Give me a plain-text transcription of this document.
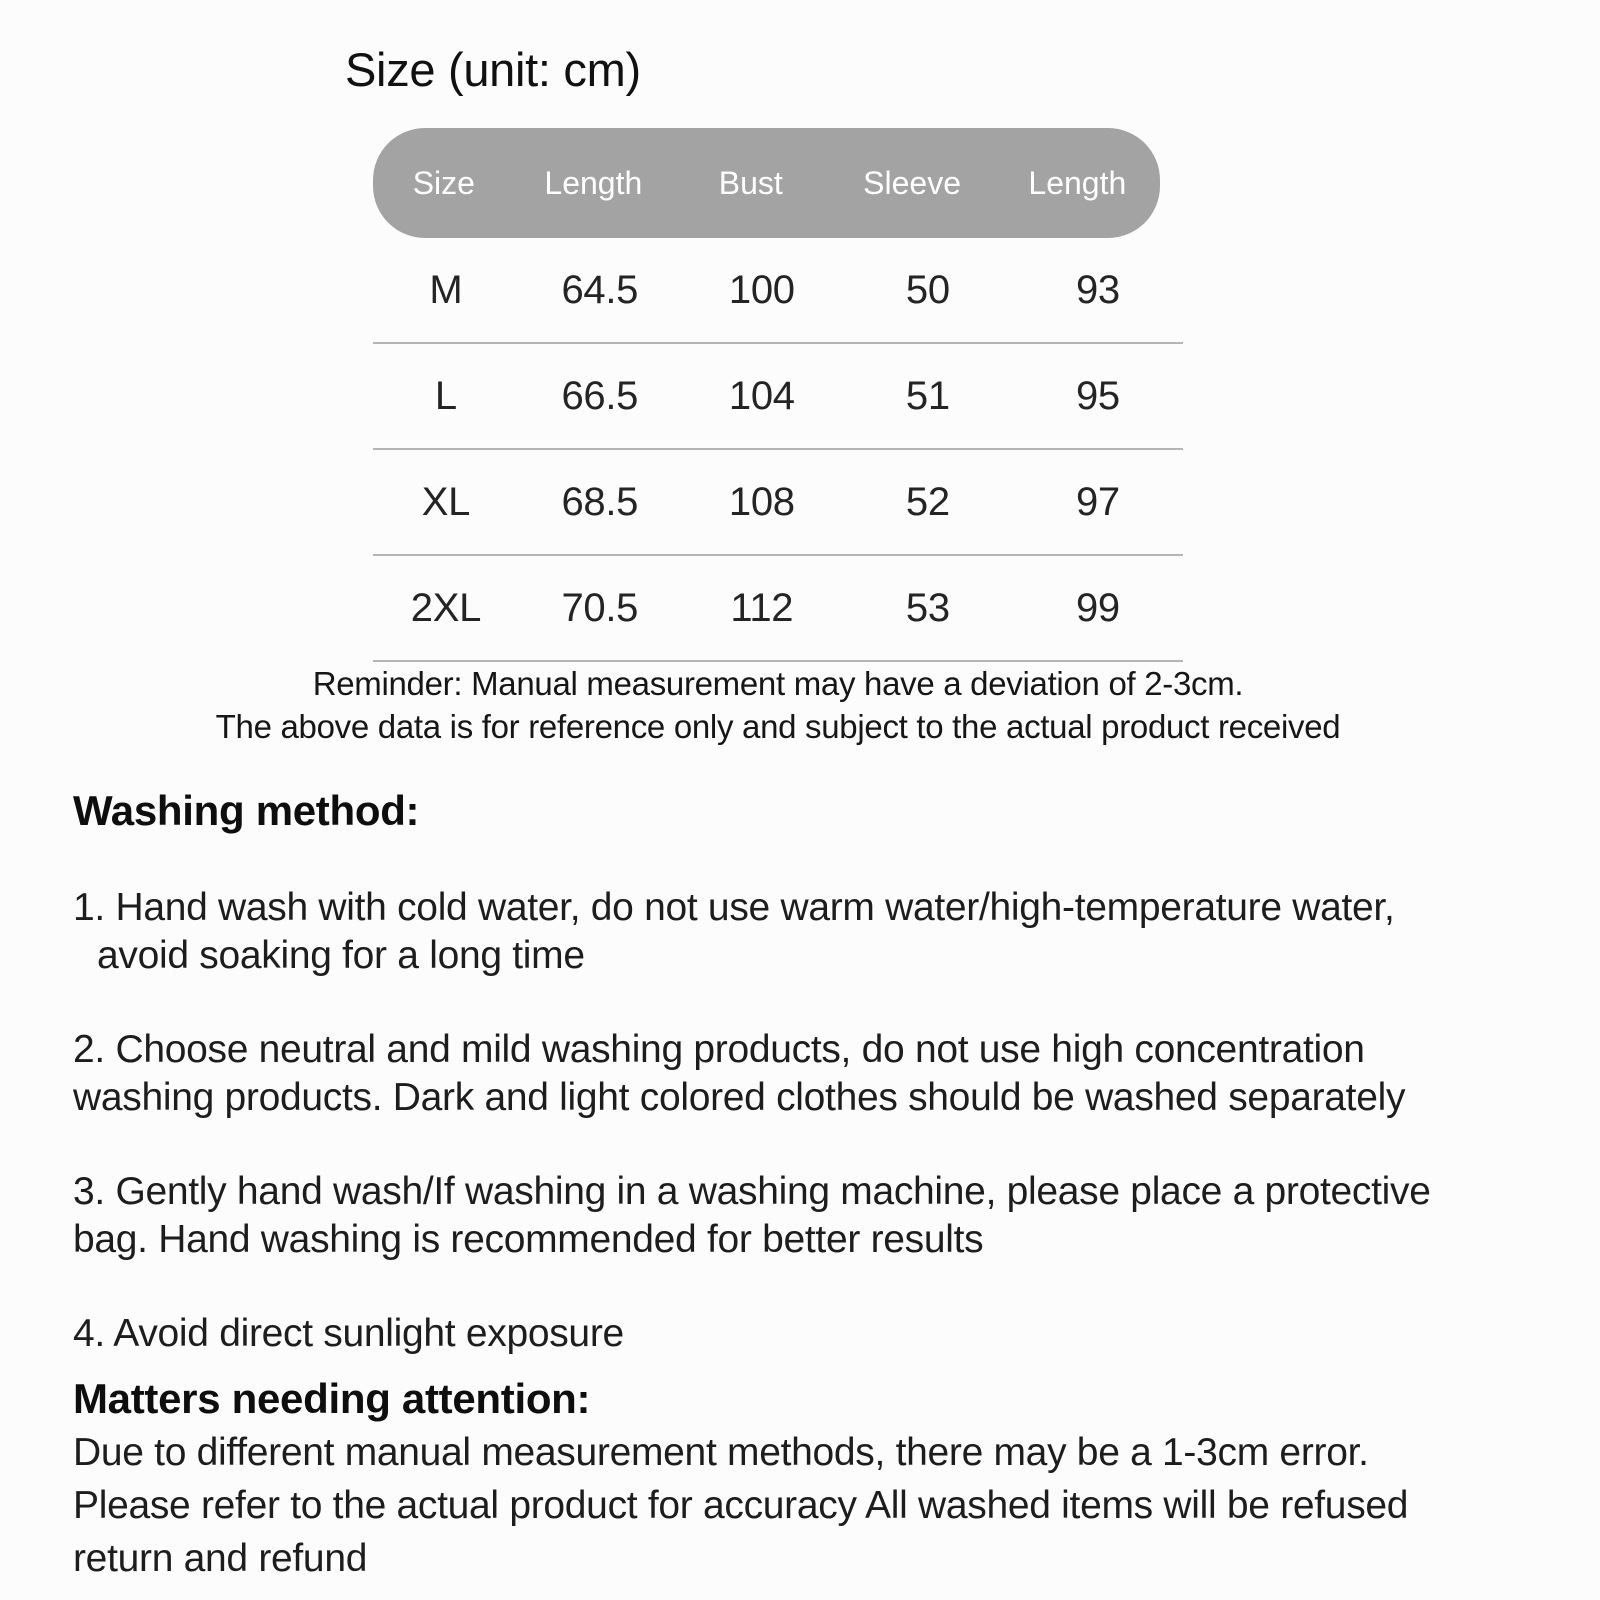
Size (unit: cm)
Size	Length	Bust	Sleeve	Length
M	64.5	100	50	93
L	66.5	104	51	95
XL	68.5	108	52	97
2XL	70.5	112	53	99
Reminder: Manual measurement may have a deviation of 2-3cm.
The above data is for reference only and subject to the actual product received
Washing method:
1. Hand wash with cold water, do not use warm water/high-temperature water,
avoid soaking for a long time
2. Choose neutral and mild washing products, do not use high concentration
washing products. Dark and light colored clothes should be washed separately
3. Gently hand wash/If washing in a washing machine, please place a protective
bag. Hand washing is recommended for better results
4. Avoid direct sunlight exposure
Matters needing attention:
Due to different manual measurement methods, there may be a 1-3cm error.
Please refer to the actual product for accuracy All washed items will be refused
return and refund
